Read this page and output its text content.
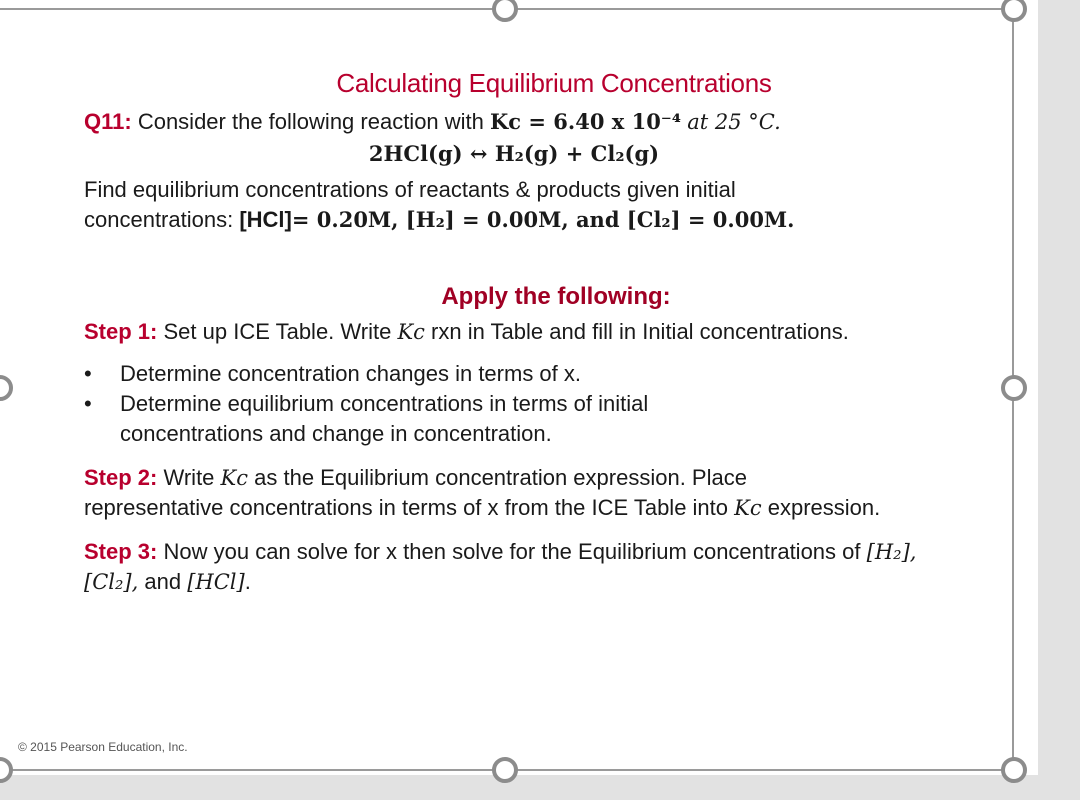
Calculating Equilibrium Concentrations

Q11: Consider the following reaction with Kc = 6.40 x 10⁻⁴ at 25 °C.

2HCl(g) ↔ H₂(g) + Cl₂(g)

Find equilibrium concentrations of reactants & products given initial

concentrations: [HCl]= 0.20M, [H₂] = 0.00M, and [Cl₂] = 0.00M.

Apply the following:

Step 1: Set up ICE Table. Write Kc rxn in Table and fill in Initial concentrations.

• Determine concentration changes in terms of x.
• Determine equilibrium concentrations in terms of initial concentrations and change in concentration.

Step 2: Write Kc as the Equilibrium concentration expression. Place representative concentrations in terms of x from the ICE Table into Kc expression.

Step 3: Now you can solve for x then solve for the Equilibrium concentrations of [H₂], [Cl₂], and [HCl].

© 2015 Pearson Education, Inc.
